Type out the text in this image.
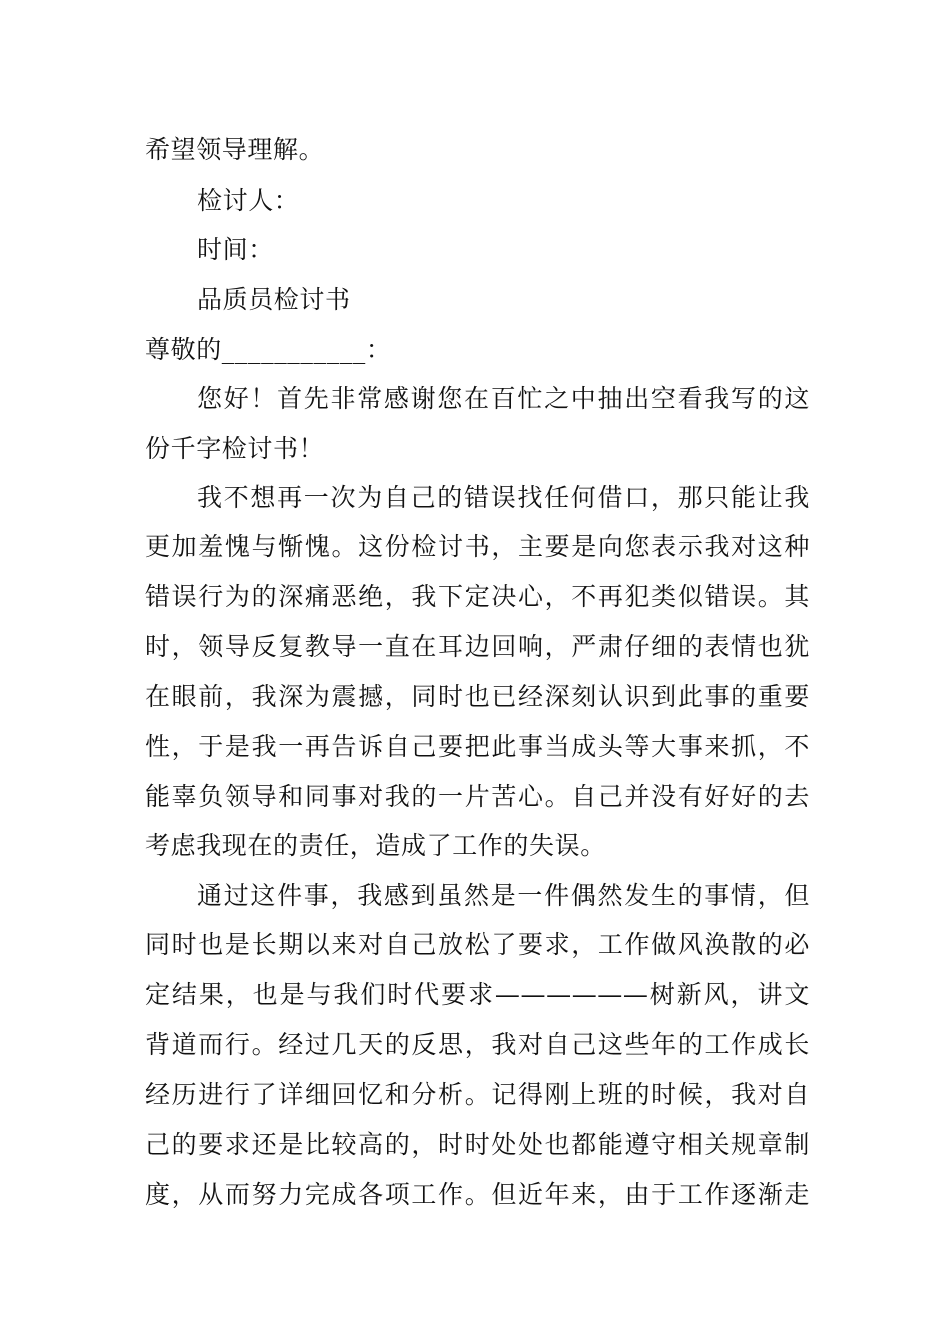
希望领导理解。
检讨人：
时间：
品质员检讨书
尊敬的___________：
您好！首先非常感谢您在百忙之中抽出空看我写的这
份千字检讨书！
我不想再一次为自己的错误找任何借口，那只能让我
更加羞愧与惭愧。这份检讨书，主要是向您表示我对这种
错误行为的深痛恶绝，我下定决心，不再犯类似错误。其
时，领导反复教导一直在耳边回响，严肃仔细的表情也犹
在眼前，我深为震撼，同时也已经深刻认识到此事的重要
性，于是我一再告诉自己要把此事当成头等大事来抓，不
能辜负领导和同事对我的一片苦心。自己并没有好好的去
考虑我现在的责任，造成了工作的失误。
通过这件事，我感到虽然是一件偶然发生的事情，但
同时也是长期以来对自己放松了要求，工作做风涣散的必
定结果，也是与我们时代要求——————树新风，讲文
背道而行。经过几天的反思，我对自己这些年的工作成长
经历进行了详细回忆和分析。记得刚上班的时候，我对自
己的要求还是比较高的，时时处处也都能遵守相关规章制
度，从而努力完成各项工作。但近年来，由于工作逐渐走
